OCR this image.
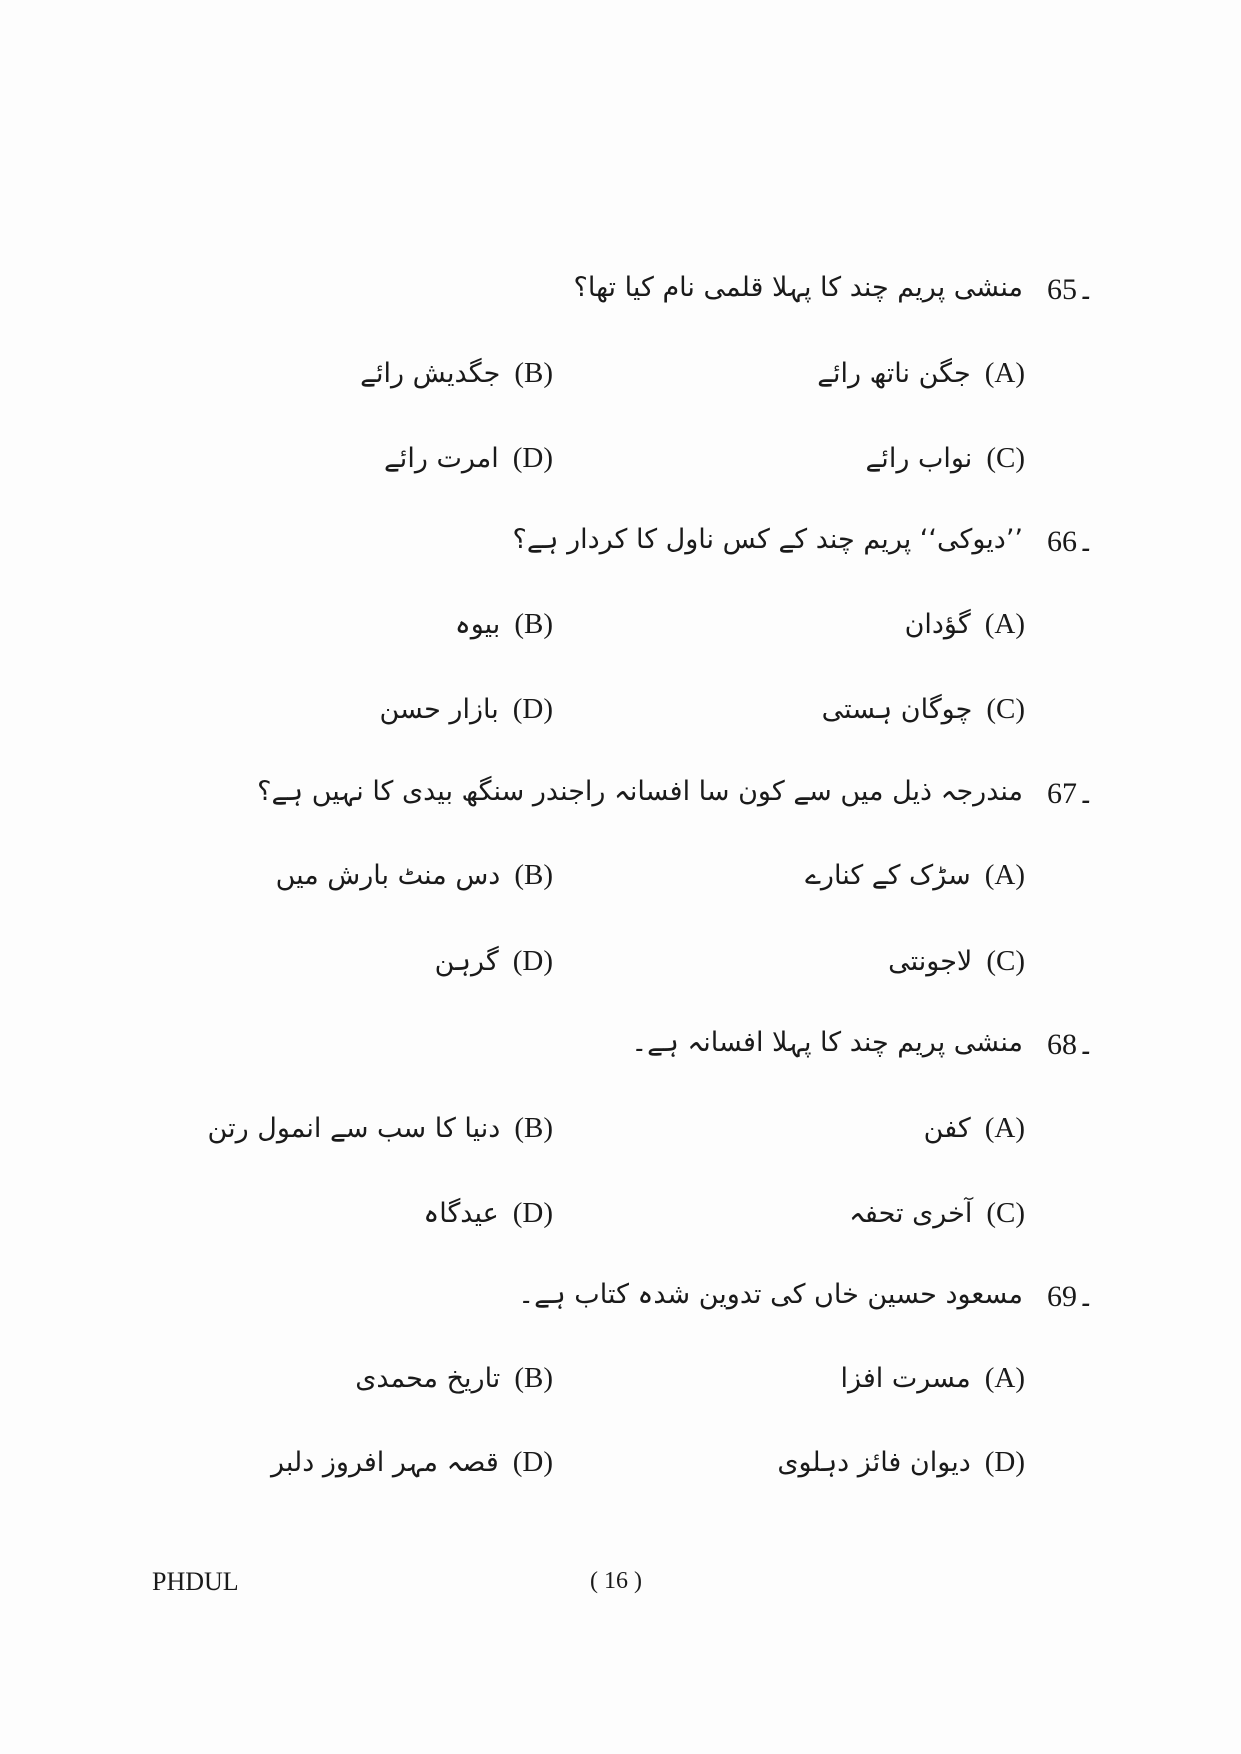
65۔
منشی پریم چند کا پہلا قلمی نام کیا تھا؟
(A)جگن ناتھ رائے
(B)جگدیش رائے
(C)نواب رائے
(D)امرت رائے
66۔
’’دیوکی‘‘ پریم چند کے کس ناول کا کردار ہے؟
(A)گؤدان
(B)بیوہ
(C)چوگان ہستی
(D)بازار حسن
67۔
مندرجہ ذیل میں سے کون سا افسانہ راجندر سنگھ بیدی کا نہیں ہے؟
(A)سڑک کے کنارے
(B)دس منٹ بارش میں
(C)لاجونتی
(D)گرہن
68۔
منشی پریم چند کا پہلا افسانہ ہے۔
(A)کفن
(B)دنیا کا سب سے انمول رتن
(C)آخری تحفہ
(D)عیدگاہ
69۔
مسعود حسین خاں کی تدوین شدہ کتاب ہے۔
(A)مسرت افزا
(B)تاریخ محمدی
(D)دیوان فائز دہلوی
(D)قصہ مہر افروز دلبر
PHDUL	( 16 )
